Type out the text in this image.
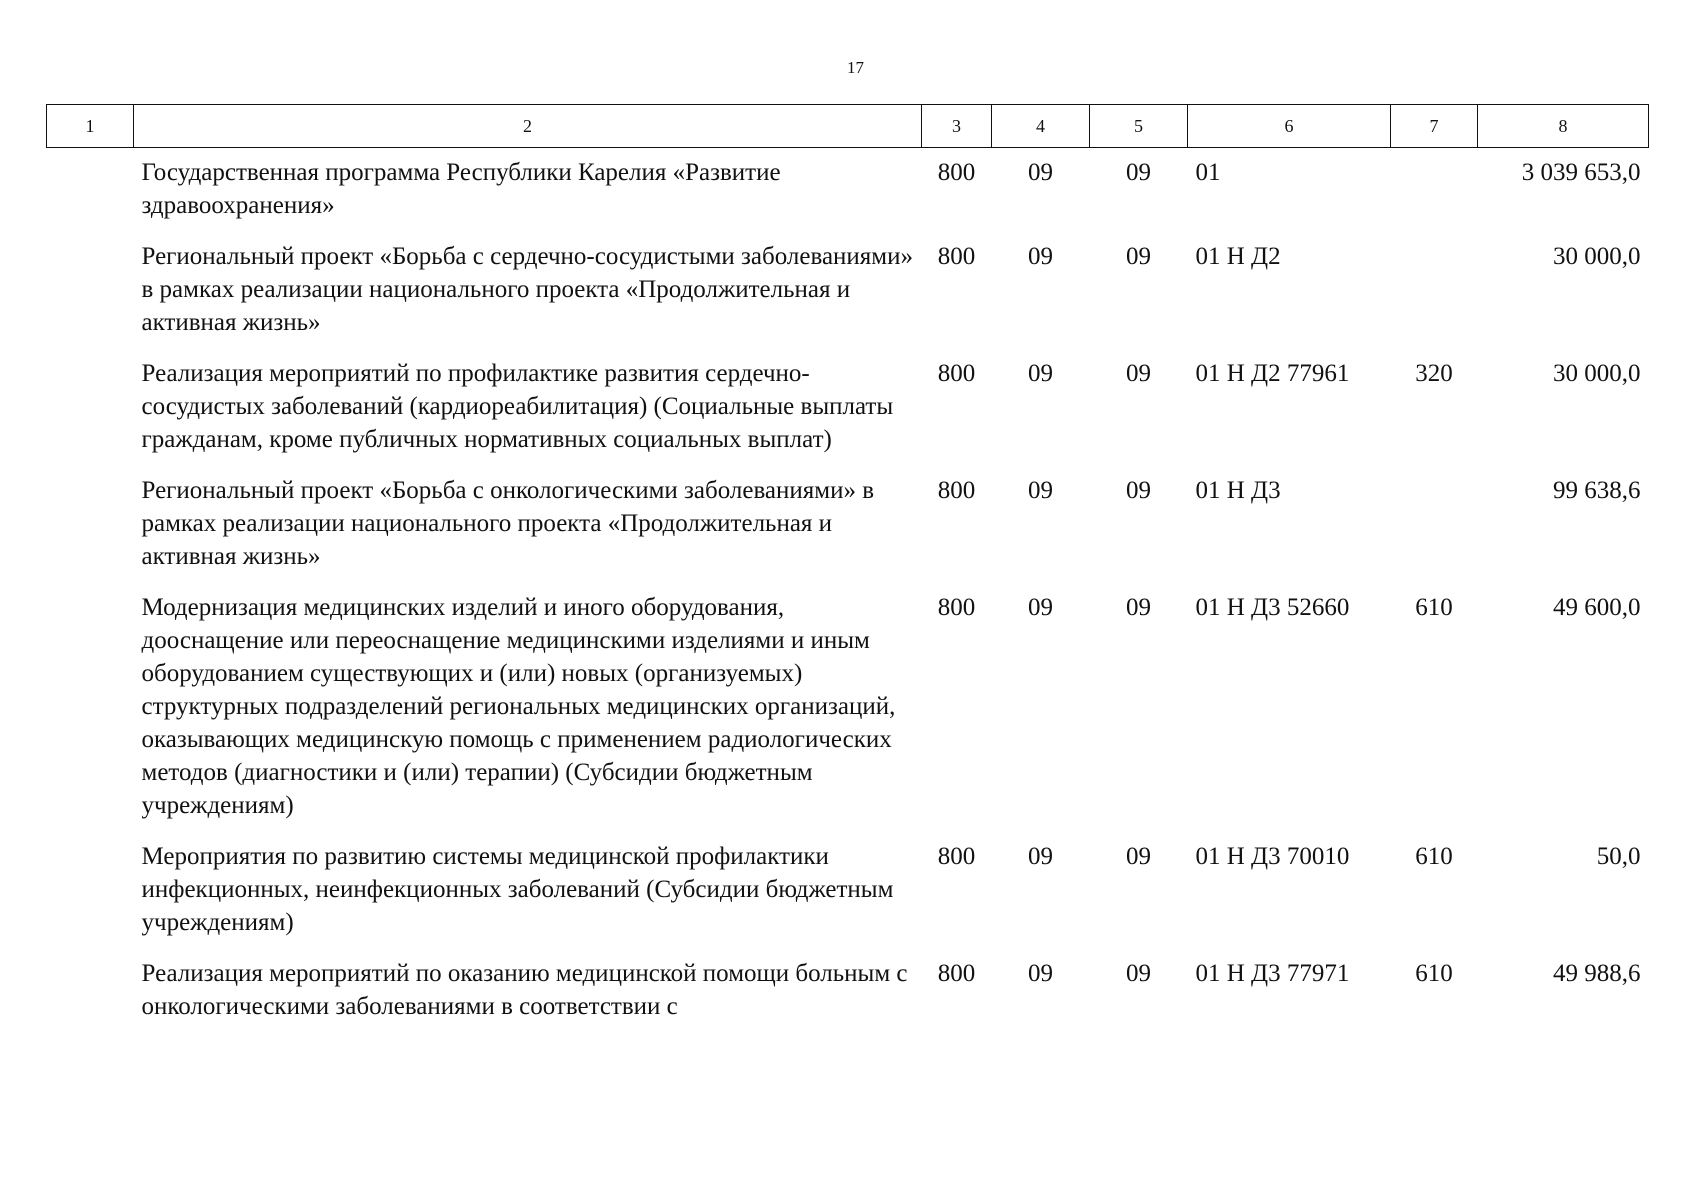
17
1	2	3	4	5	6	7	8
	Государственная программа Республики Карелия «Развитие здравоохранения»	800	09	09	01		3 039 653,0
	Региональный проект «Борьба с сердечно-сосудистыми заболеваниями» в рамках реализации национального проекта «Продолжительная и активная жизнь»	800	09	09	01 Н Д2		30 000,0
	Реализация мероприятий по профилактике развития сердечно-сосудистых заболеваний (кардиореабилитация) (Социальные выплаты гражданам, кроме публичных нормативных социальных выплат)	800	09	09	01 Н Д2 77961	320	30 000,0
	Региональный проект «Борьба с онкологическими заболеваниями» в рамках реализации национального проекта «Продолжительная и активная жизнь»	800	09	09	01 Н Д3		99 638,6
	Модернизация медицинских изделий и иного оборудования, дооснащение или переоснащение медицинскими изделиями и иным оборудованием существующих и (или) новых (организуемых) структурных подразделений региональных медицинских организаций, оказывающих медицинскую помощь с применением радиологических методов (диагностики и (или) терапии) (Субсидии бюджетным учреждениям)	800	09	09	01 Н Д3 52660	610	49 600,0
	Мероприятия по развитию системы медицинской профилактики инфекционных, неинфекционных заболеваний (Субсидии бюджетным учреждениям)	800	09	09	01 Н Д3 70010	610	50,0
	Реализация мероприятий по оказанию медицинской помощи больным с онкологическими заболеваниями в соответствии с	800	09	09	01 Н Д3 77971	610	49 988,6
